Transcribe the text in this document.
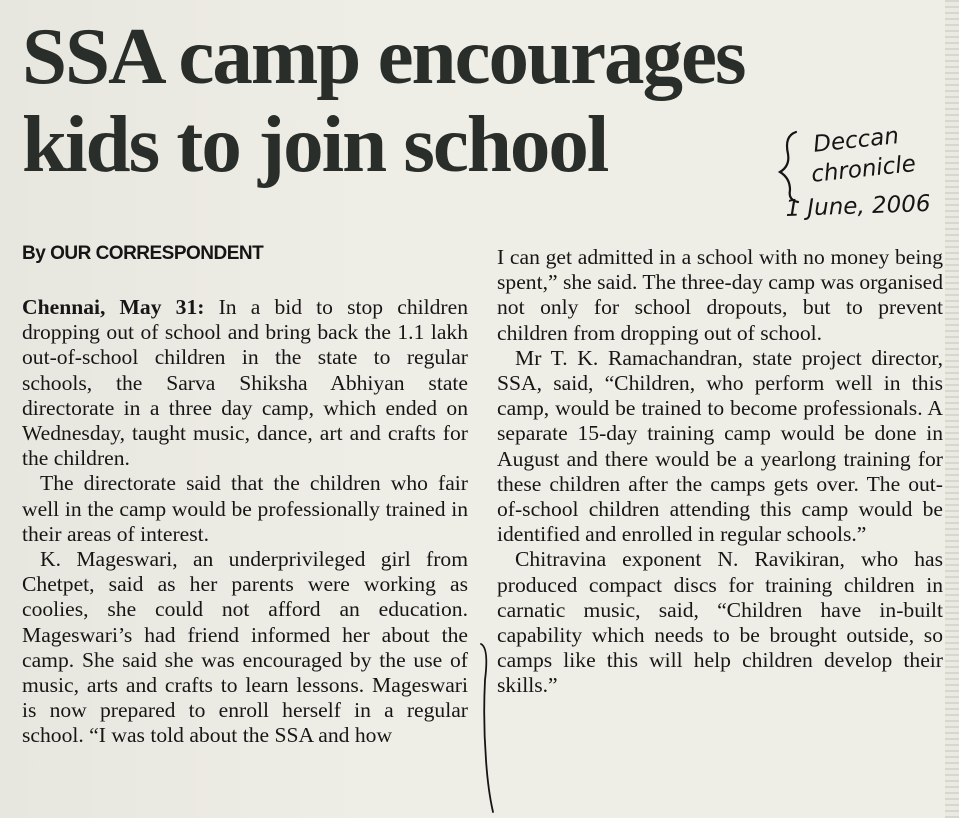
SSA camp encourages
kids to join school	Deccan
chronicle
1 June, 2006
By OUR CORRESPONDENT

Chennai, May 31: In a bid to stop children dropping out of school and bring back the 1.1 lakh out-of-school children in the state to regular schools, the Sarva Shiksha Abhiyan state directorate in a three day camp, which ended on Wednesday, taught music, dance, art and crafts for the children.

The directorate said that the children who fair well in the camp would be professionally trained in their areas of interest.

K. Mageswari, an underprivileged girl from Chetpet, said as her parents were working as coolies, she could not afford an education. Mageswari’s had friend informed her about the camp. She said she was encouraged by the use of music, arts and crafts to learn lessons. Mageswari is now prepared to enroll herself in a regular school. “I was told about the SSA and how

I can get admitted in a school with no money being spent,” she said. The three-day camp was organised not only for school dropouts, but to prevent children from dropping out of school.

Mr T. K. Ramachandran, state project director, SSA, said, “Children, who perform well in this camp, would be trained to become professionals. A separate 15-day training camp would be done in August and there would be a yearlong training for these children after the camps gets over. The out-of-school children attending this camp would be identified and enrolled in regular schools.”

Chitravina exponent N. Ravikiran, who has produced compact discs for training children in carnatic music, said, “Children have in-built capability which needs to be brought outside, so camps like this will help children develop their skills.”
